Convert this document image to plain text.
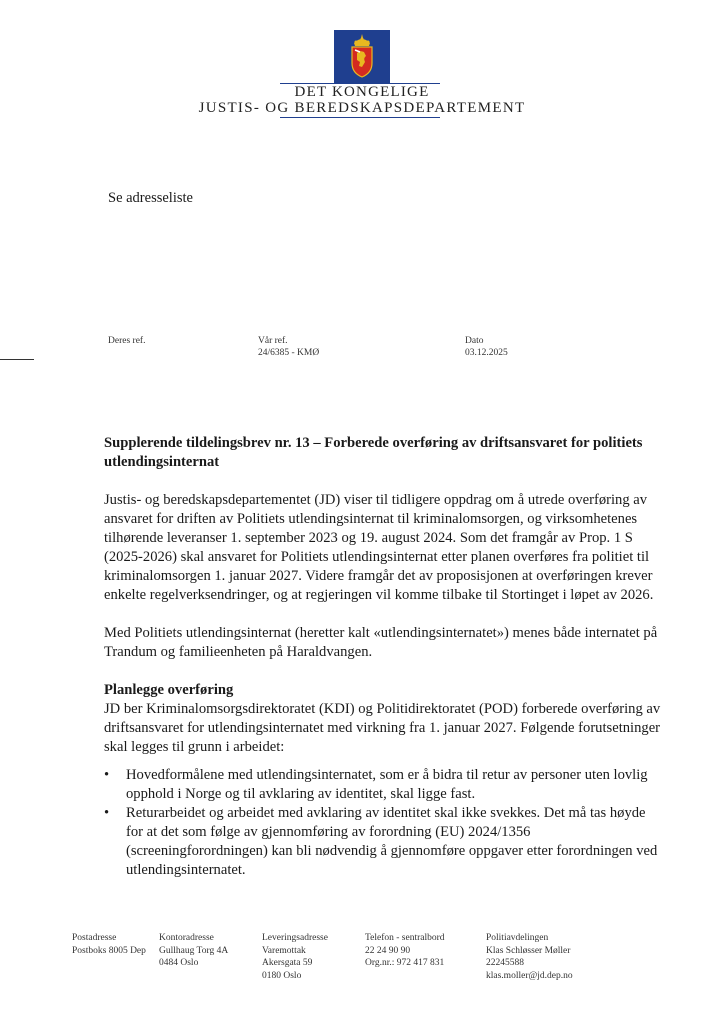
DET KONGELIGE
JUSTIS- OG BEREDSKAPSDEPARTEMENT
Se adresseliste
Deres ref.	Vår ref.
24/6385 - KMØ
Dato
03.12.2025
Supplerende tildelingsbrev nr. 13 – Forberede overføring av driftsansvaret for politiets utlendingsinternat

Justis- og beredskapsdepartementet (JD) viser til tidligere oppdrag om å utrede overføring av ansvaret for driften av Politiets utlendingsinternat til kriminalomsorgen, og virksomhetenes tilhørende leveranser 1. september 2023 og 19. august 2024. Som det framgår av Prop. 1 S (2025-2026) skal ansvaret for Politiets utlendingsinternat etter planen overføres fra politiet til kriminalomsorgen 1. januar 2027. Videre framgår det av proposisjonen at overføringen krever enkelte regelverksendringer, og at regjeringen vil komme tilbake til Stortinget i løpet av 2026.

Med Politiets utlendingsinternat (heretter kalt «utlendingsinternatet») menes både internatet på Trandum og familieenheten på Haraldvangen.

Planlegge overføring

JD ber Kriminalomsorgsdirektoratet (KDI) og Politidirektoratet (POD) forberede overføring av driftsansvaret for utlendingsinternatet med virkning fra 1. januar 2027. Følgende forutsetninger skal legges til grunn i arbeidet:

• Hovedformålene med utlendingsinternatet, som er å bidra til retur av personer uten lovlig opphold i Norge og til avklaring av identitet, skal ligge fast.
• Returarbeidet og arbeidet med avklaring av identitet skal ikke svekkes. Det må tas høyde for at det som følge av gjennomføring av forordning (EU) 2024/1356 (screeningforordningen) kan bli nødvendig å gjennomføre oppgaver etter forordningen ved utlendingsinternatet.
Postadresse
Postboks 8005 Dep
Kontoradresse
Gullhaug Torg 4A
0484 Oslo
Leveringsadresse
Varemottak
Akersgata 59
0180 Oslo
Telefon - sentralbord
22 24 90 90
Org.nr.: 972 417 831
Politiavdelingen
Klas Schløsser Møller
22245588
klas.moller@jd.dep.no
